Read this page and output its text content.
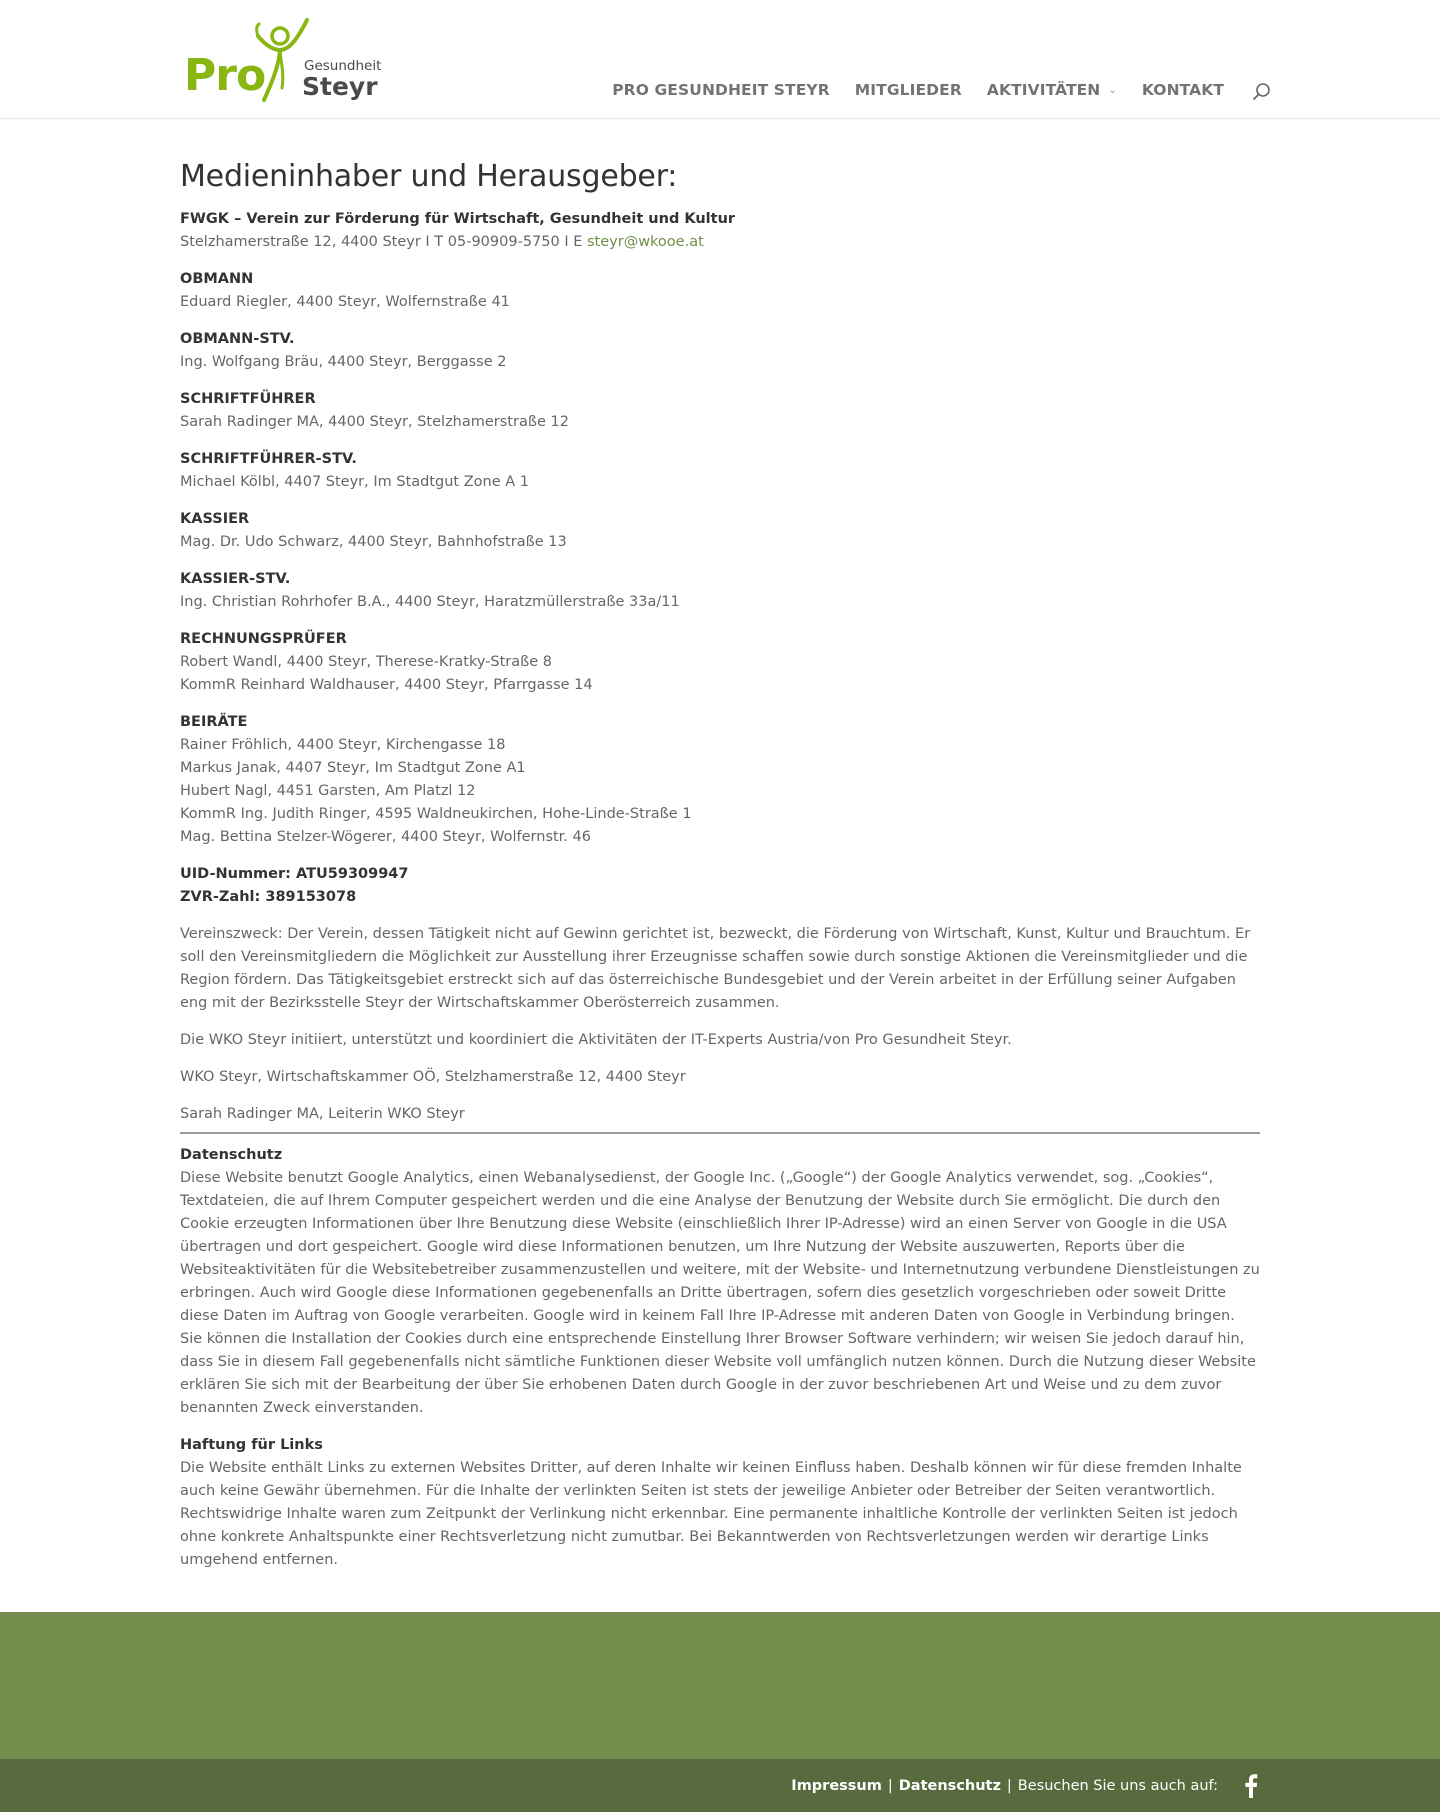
Pro	Gesundheit
Steyr	PRO GESUNDHEIT STEYR MITGLIEDER AKTIVITÄTEN ⌄ KONTAKT
Medieninhaber und Herausgeber:
FWGK – Verein zur Förderung für Wirtschaft, Gesundheit und Kultur
Stelzhamerstraße 12, 4400 Steyr I T 05-90909-5750 I E steyr@wkooe.at
OBMANN
Eduard Riegler, 4400 Steyr, Wolfernstraße 41
OBMANN-STV.
Ing. Wolfgang Bräu, 4400 Steyr, Berggasse 2
SCHRIFTFÜHRER
Sarah Radinger MA, 4400 Steyr, Stelzhamerstraße 12
SCHRIFTFÜHRER-STV.
Michael Kölbl, 4407 Steyr, Im Stadtgut Zone A 1
KASSIER
Mag. Dr. Udo Schwarz, 4400 Steyr, Bahnhofstraße 13
KASSIER-STV.
Ing. Christian Rohrhofer B.A., 4400 Steyr, Haratzmüllerstraße 33a/11
RECHNUNGSPRÜFER
Robert Wandl, 4400 Steyr, Therese-Kratky-Straße 8
KommR Reinhard Waldhauser, 4400 Steyr, Pfarrgasse 14
BEIRÄTE
Rainer Fröhlich, 4400 Steyr, Kirchengasse 18
Markus Janak, 4407 Steyr, Im Stadtgut Zone A1
Hubert Nagl, 4451 Garsten, Am Platzl 12
KommR Ing. Judith Ringer, 4595 Waldneukirchen, Hohe-Linde-Straße 1
Mag. Bettina Stelzer-Wögerer, 4400 Steyr, Wolfernstr. 46
UID-Nummer: ATU59309947
ZVR-Zahl: 389153078

Vereinszweck: Der Verein, dessen Tätigkeit nicht auf Gewinn gerichtet ist, bezweckt, die Förderung von Wirtschaft, Kunst, Kultur und Brauchtum. Er soll den Vereinsmitgliedern die Möglichkeit zur Ausstellung ihrer Erzeugnisse schaffen sowie durch sonstige Aktionen die Vereinsmitglieder und die Region fördern. Das Tätigkeitsgebiet erstreckt sich auf das österreichische Bundesgebiet und der Verein arbeitet in der Erfüllung seiner Aufgaben eng mit der Bezirksstelle Steyr der Wirtschaftskammer Oberösterreich zusammen.

Die WKO Steyr initiiert, unterstützt und koordiniert die Aktivitäten der IT-Experts Austria/von Pro Gesundheit Steyr.

WKO Steyr, Wirtschaftskammer OÖ, Stelzhamerstraße 12, 4400 Steyr

Sarah Radinger MA, Leiterin WKO Steyr

Datenschutz
Diese Website benutzt Google Analytics, einen Webanalysedienst, der Google Inc. („Google“) der Google Analytics verwendet, sog. „Cookies“, Textdateien, die auf Ihrem Computer gespeichert werden und die eine Analyse der Benutzung der Website durch Sie ermöglicht. Die durch den Cookie erzeugten Informationen über Ihre Benutzung diese Website (einschließlich Ihrer IP-Adresse) wird an einen Server von Google in die USA übertragen und dort gespeichert. Google wird diese Informationen benutzen, um Ihre Nutzung der Website auszuwerten, Reports über die Websiteaktivitäten für die Websitebetreiber zusammenzustellen und weitere, mit der Website- und Internetnutzung verbundene Dienstleistungen zu erbringen. Auch wird Google diese Informationen gegebenenfalls an Dritte übertragen, sofern dies gesetzlich vorgeschrieben oder soweit Dritte diese Daten im Auftrag von Google verarbeiten. Google wird in keinem Fall Ihre IP-Adresse mit anderen Daten von Google in Verbindung bringen. Sie können die Installation der Cookies durch eine entsprechende Einstellung Ihrer Browser Software verhindern; wir weisen Sie jedoch darauf hin, dass Sie in diesem Fall gegebenenfalls nicht sämtliche Funktionen dieser Website voll umfänglich nutzen können. Durch die Nutzung dieser Website erklären Sie sich mit der Bearbeitung der über Sie erhobenen Daten durch Google in der zuvor beschriebenen Art und Weise und zu dem zuvor benannten Zweck einverstanden.
Haftung für Links
Die Website enthält Links zu externen Websites Dritter, auf deren Inhalte wir keinen Einfluss haben. Deshalb können wir für diese fremden Inhalte auch keine Gewähr übernehmen. Für die Inhalte der verlinkten Seiten ist stets der jeweilige Anbieter oder Betreiber der Seiten verantwortlich. Rechtswidrige Inhalte waren zum Zeitpunkt der Verlinkung nicht erkennbar. Eine permanente inhaltliche Kontrolle der verlinkten Seiten ist jedoch ohne konkrete Anhaltspunkte einer Rechtsverletzung nicht zumutbar. Bei Bekanntwerden von Rechtsverletzungen werden wir derartige Links umgehend entfernen.
Impressum | Datenschutz | Besuchen Sie uns auch auf:
